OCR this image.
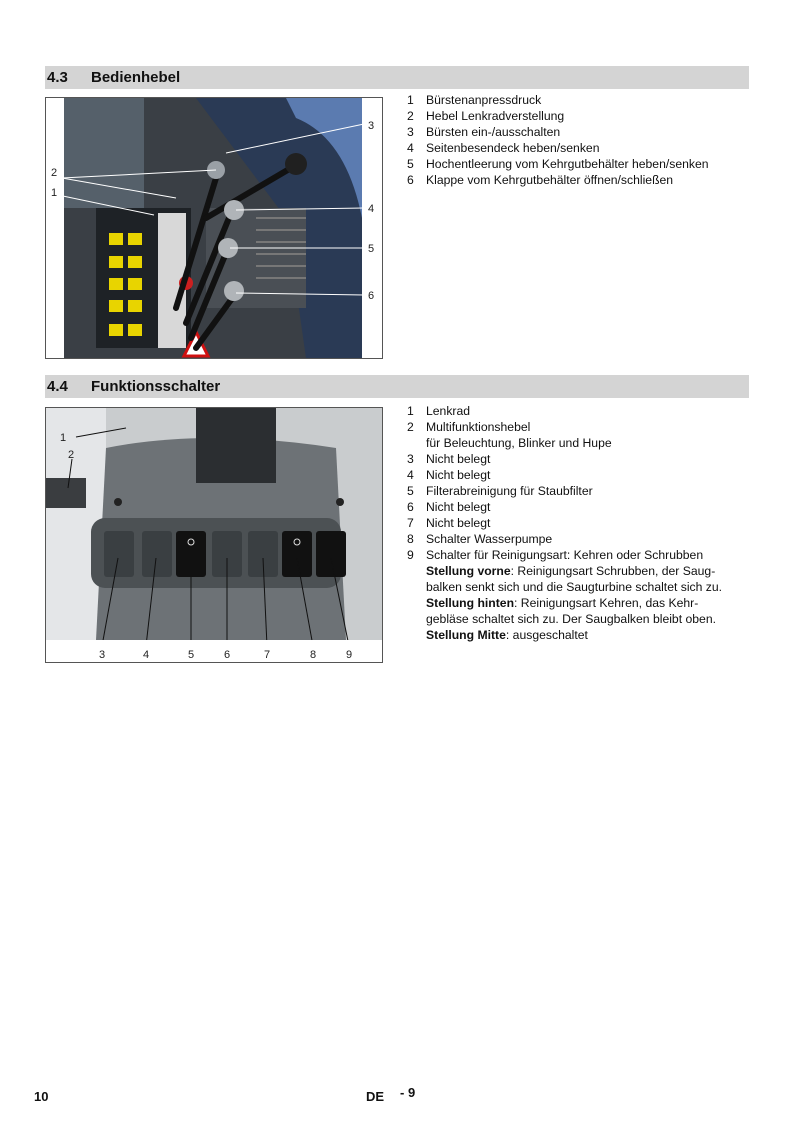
4.3 Bedienhebel
2
1
3
4
5
6
1 Bürstenanpressdruck
2 Hebel Lenkradverstellung
3 Bürsten ein-/ausschalten
4 Seitenbesendeck heben/senken
5 Hochentleerung vom Kehrgutbehälter heben/senken
6 Klappe vom Kehrgutbehälter öffnen/schließen
4.4 Funktionsschalter
1
2
3	4	5	6	7	8	9
1 Lenkrad
2 Multifunktionshebel
für Beleuchtung, Blinker und Hupe
3 Nicht belegt
4 Nicht belegt
5 Filterabreinigung für Staubfilter
6 Nicht belegt
7 Nicht belegt
8 Schalter Wasserpumpe
9 Schalter für Reinigungsart: Kehren oder Schrubben
Stellung vorne: Reinigungsart Schrubben, der Saug-
balken senkt sich und die Saugturbine schaltet sich zu.
Stellung hinten: Reinigungsart Kehren, das Kehr-
gebläse schaltet sich zu. Der Saugbalken bleibt oben.
Stellung Mitte: ausgeschaltet
10	DE - 9
